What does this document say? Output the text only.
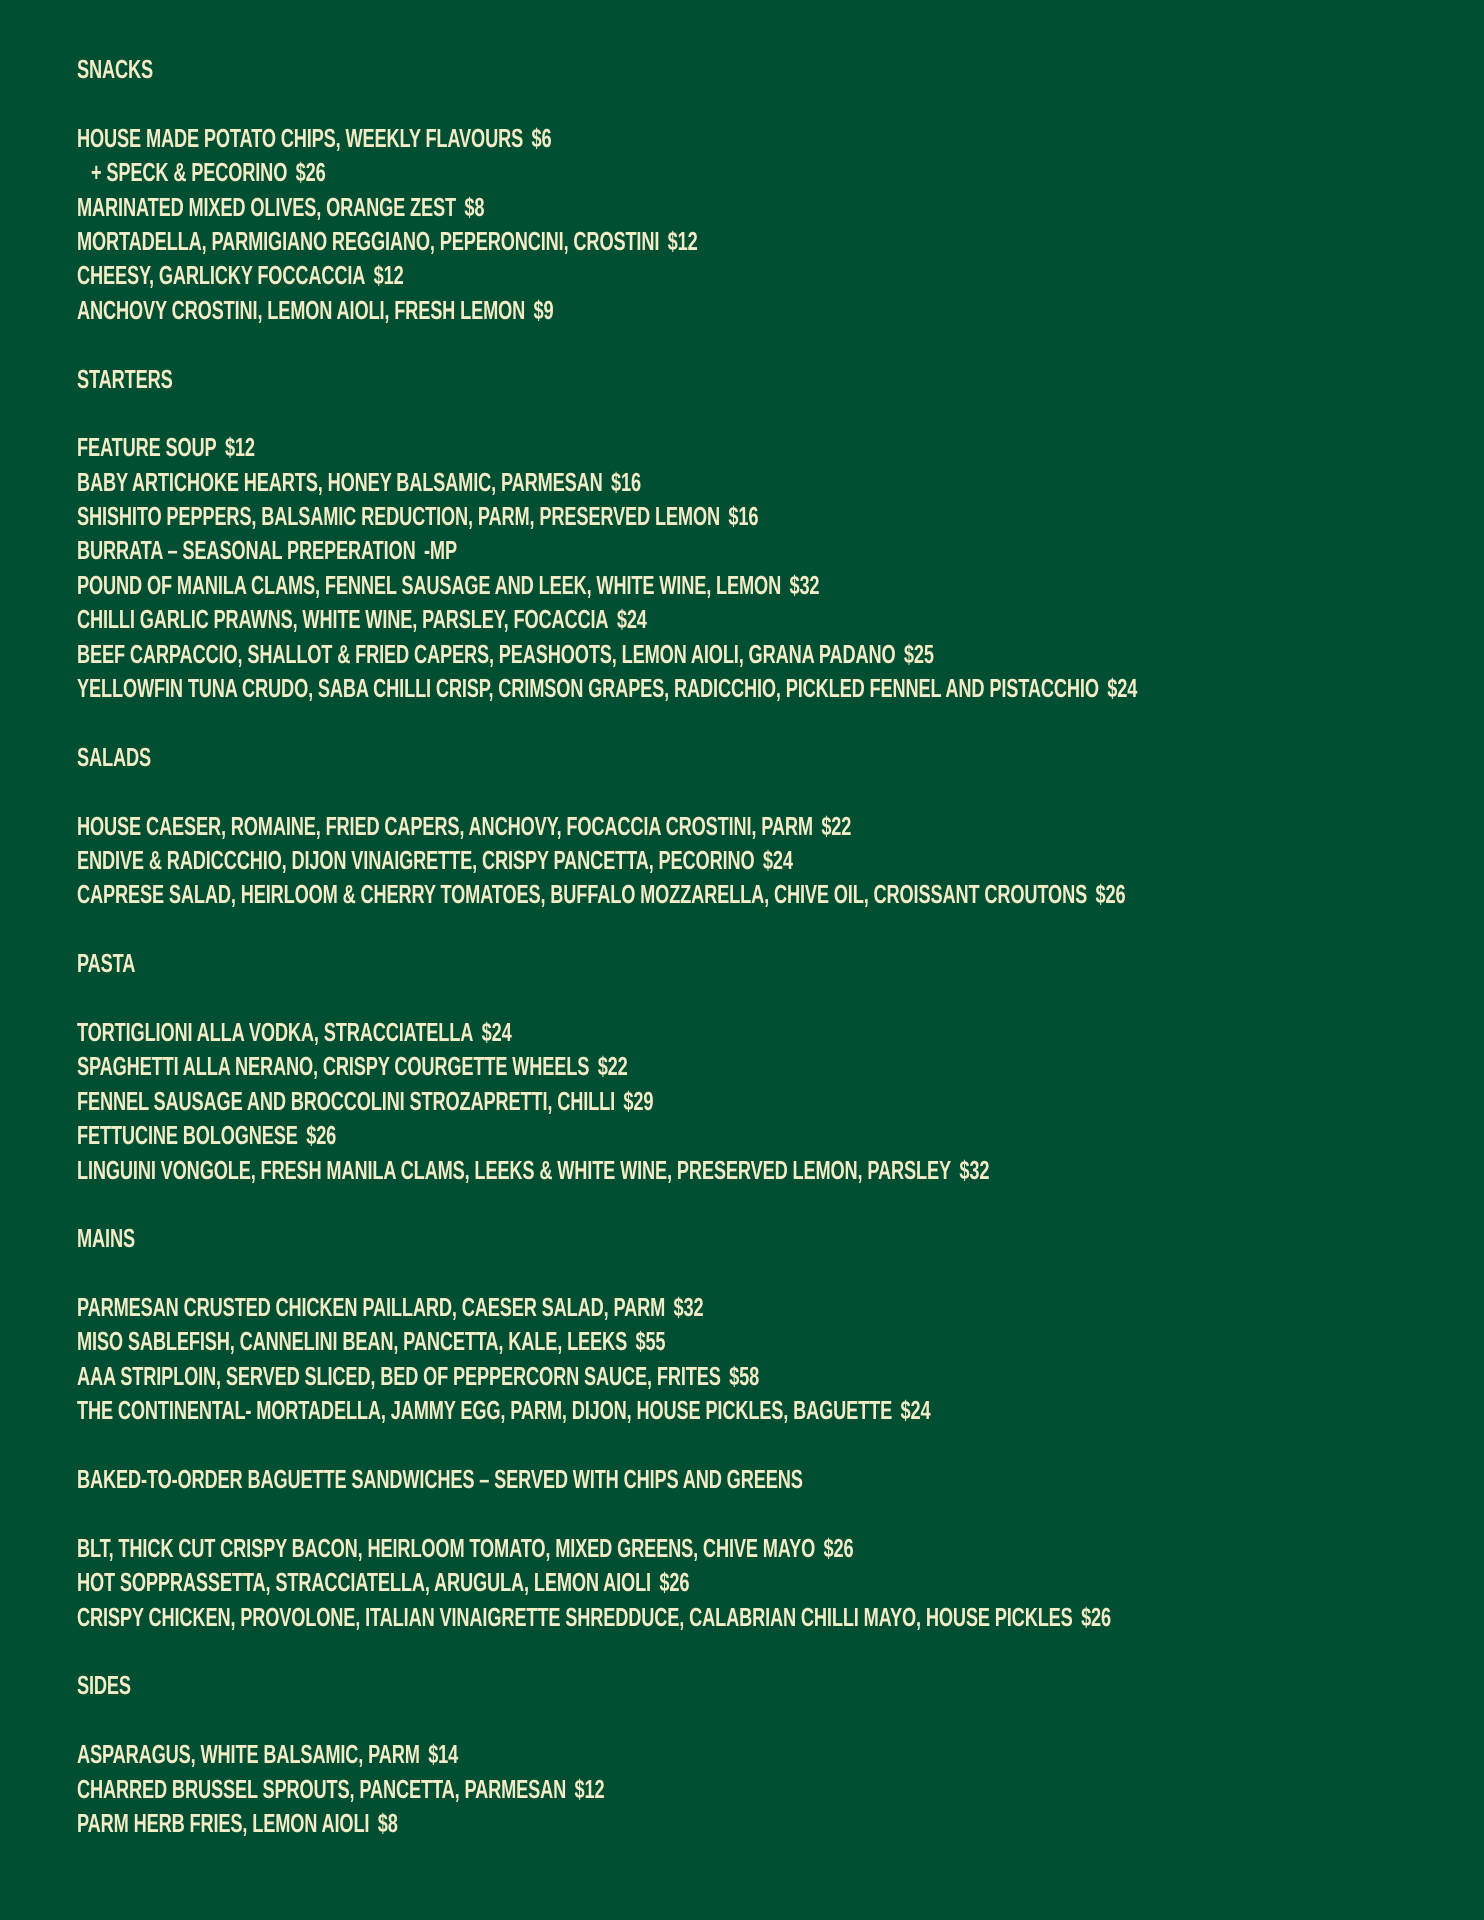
SNACKS
HOUSE MADE POTATO CHIPS, WEEKLY FLAVOURS $6
+ SPECK & PECORINO $26
MARINATED MIXED OLIVES, ORANGE ZEST $8
MORTADELLA, PARMIGIANO REGGIANO, PEPERONCINI, CROSTINI $12
CHEESY, GARLICKY FOCCACCIA $12
ANCHOVY CROSTINI, LEMON AIOLI, FRESH LEMON $9
STARTERS
FEATURE SOUP $12
BABY ARTICHOKE HEARTS, HONEY BALSAMIC, PARMESAN $16
SHISHITO PEPPERS, BALSAMIC REDUCTION, PARM, PRESERVED LEMON $16
BURRATA – SEASONAL PREPERATION -MP
POUND OF MANILA CLAMS, FENNEL SAUSAGE AND LEEK, WHITE WINE, LEMON $32
CHILLI GARLIC PRAWNS, WHITE WINE, PARSLEY, FOCACCIA $24
BEEF CARPACCIO, SHALLOT & FRIED CAPERS, PEASHOOTS, LEMON AIOLI, GRANA PADANO $25
YELLOWFIN TUNA CRUDO, SABA CHILLI CRISP, CRIMSON GRAPES, RADICCHIO, PICKLED FENNEL AND PISTACCHIO $24
SALADS
HOUSE CAESER, ROMAINE, FRIED CAPERS, ANCHOVY, FOCACCIA CROSTINI, PARM $22
ENDIVE & RADICCCHIO, DIJON VINAIGRETTE, CRISPY PANCETTA, PECORINO $24
CAPRESE SALAD, HEIRLOOM & CHERRY TOMATOES, BUFFALO MOZZARELLA, CHIVE OIL, CROISSANT CROUTONS $26
PASTA
TORTIGLIONI ALLA VODKA, STRACCIATELLA $24
SPAGHETTI ALLA NERANO, CRISPY COURGETTE WHEELS $22
FENNEL SAUSAGE AND BROCCOLINI STROZAPRETTI, CHILLI $29
FETTUCINE BOLOGNESE $26
LINGUINI VONGOLE, FRESH MANILA CLAMS, LEEKS & WHITE WINE, PRESERVED LEMON, PARSLEY $32
MAINS
PARMESAN CRUSTED CHICKEN PAILLARD, CAESER SALAD, PARM $32
MISO SABLEFISH, CANNELINI BEAN, PANCETTA, KALE, LEEKS $55
AAA STRIPLOIN, SERVED SLICED, BED OF PEPPERCORN SAUCE, FRITES $58
THE CONTINENTAL- MORTADELLA, JAMMY EGG, PARM, DIJON, HOUSE PICKLES, BAGUETTE $24
BAKED-TO-ORDER BAGUETTE SANDWICHES – SERVED WITH CHIPS AND GREENS
BLT, THICK CUT CRISPY BACON, HEIRLOOM TOMATO, MIXED GREENS, CHIVE MAYO $26
HOT SOPPRASSETTA, STRACCIATELLA, ARUGULA, LEMON AIOLI $26
CRISPY CHICKEN, PROVOLONE, ITALIAN VINAIGRETTE SHREDDUCE, CALABRIAN CHILLI MAYO, HOUSE PICKLES $26
SIDES
ASPARAGUS, WHITE BALSAMIC, PARM $14
CHARRED BRUSSEL SPROUTS, PANCETTA, PARMESAN $12
PARM HERB FRIES, LEMON AIOLI $8
